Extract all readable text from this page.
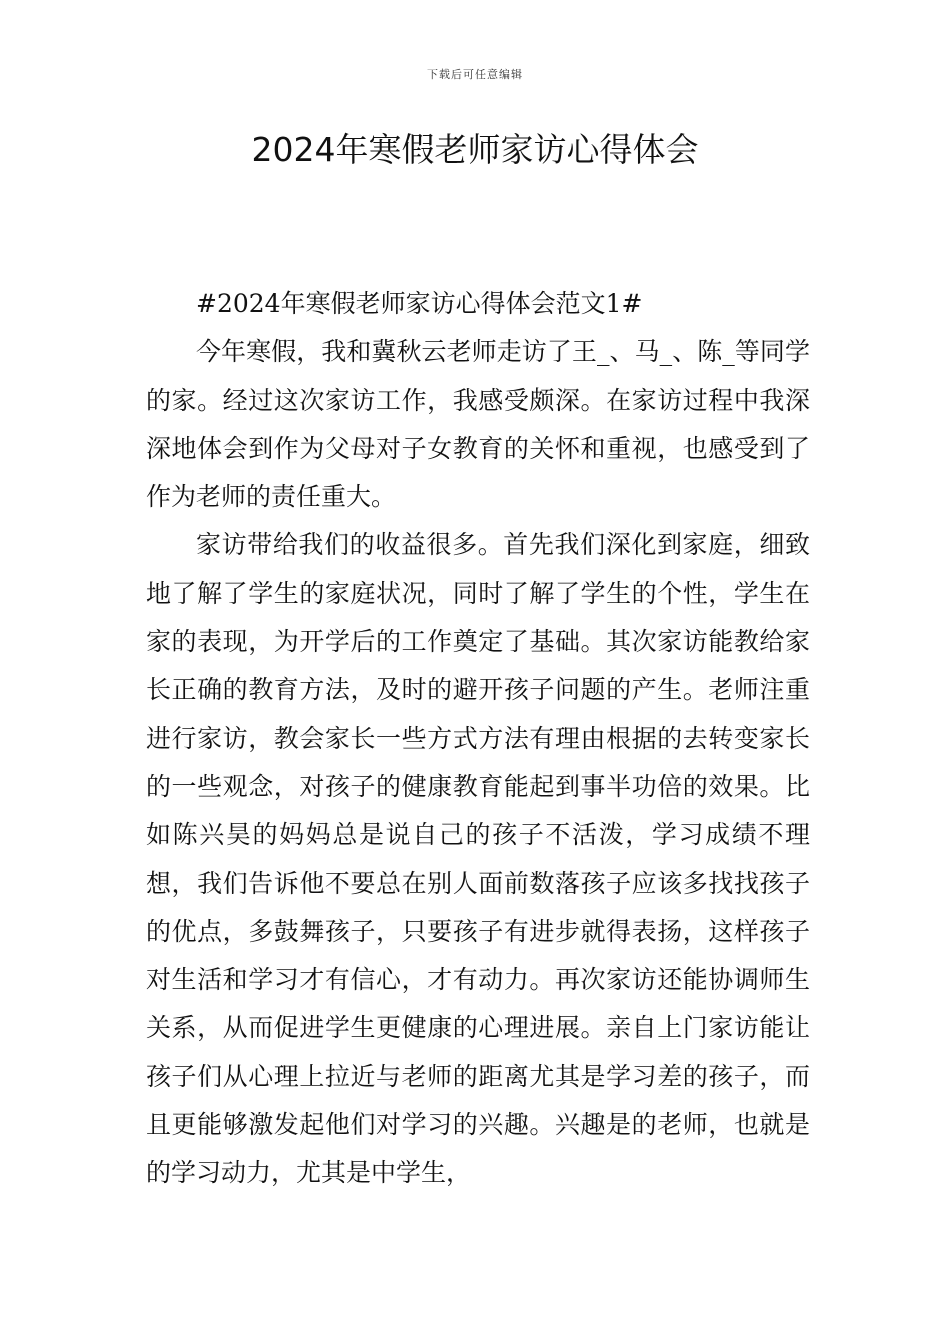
下载后可任意编辑
2024年寒假老师家访心得体会

#2024年寒假老师家访心得体会范文1#

今年寒假，我和冀秋云老师走访了王_、马_、陈_等同学的家。经过这次家访工作，我感受颇深。在家访过程中我深深地体会到作为父母对子女教育的关怀和重视，也感受到了作为老师的责任重大。

家访带给我们的收益很多。首先我们深化到家庭，细致地了解了学生的家庭状况，同时了解了学生的个性，学生在家的表现，为开学后的工作奠定了基础。其次家访能教给家长正确的教育方法，及时的避开孩子问题的产生。老师注重进行家访，教会家长一些方式方法有理由根据的去转变家长的一些观念，对孩子的健康教育能起到事半功倍的效果。比如陈兴昊的妈妈总是说自己的孩子不活泼，学习成绩不理想，我们告诉他不要总在别人面前数落孩子应该多找找孩子的优点，多鼓舞孩子，只要孩子有进步就得表扬，这样孩子对生活和学习才有信心，才有动力。再次家访还能协调师生关系，从而促进学生更健康的心理进展。亲自上门家访能让孩子们从心理上拉近与老师的距离尤其是学习差的孩子，而且更能够激发起他们对学习的兴趣。兴趣是的老师，也就是的学习动力，尤其是中学生，
